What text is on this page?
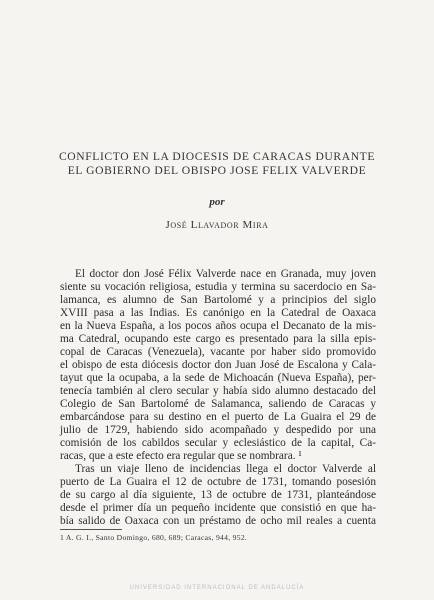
CONFLICTO EN LA DIOCESIS DE CARACAS DURANTE
EL GOBIERNO DEL OBISPO JOSE FELIX VALVERDE
por
José Llavador Mira
El doctor don José Félix Valverde nace en Granada, muy joven
siente su vocación religiosa, estudia y termina su sacerdocio en Sa-
lamanca, es alumno de San Bartolomé y a principios del siglo
XVIII pasa a las Indias. Es canónigo en la Catedral de Oaxaca
en la Nueva España, a los pocos años ocupa el Decanato de la mis-
ma Catedral, ocupando este cargo es presentado para la silla epis-
copal de Caracas (Venezuela), vacante por haber sido promovido
el obispo de esta diócesis doctor don Juan José de Escalona y Cala-
tayut que la ocupaba, a la sede de Michoacán (Nueva España), per-
tenecía también al clero secular y había sido alumno destacado del
Colegio de San Bartolomé de Salamanca, saliendo de Caracas y
embarcándose para su destino en el puerto de La Guaira el 29 de
julio de 1729, habiendo sido acompañado y despedido por una
comisión de los cabildos secular y eclesiástico de la capital, Ca-
racas, que a este efecto era regular que se nombrara. ¹
Tras un viaje lleno de incidencias llega el doctor Valverde al
puerto de La Guaira el 12 de octubre de 1731, tomando posesión
de su cargo al día siguiente, 13 de octubre de 1731, planteándose
desde el primer día un pequeño incidente que consistió en que ha-
bía salido de Oaxaca con un préstamo de ocho mil reales a cuenta
1 A. G. I., Santo Domingo, 680, 689; Caracas, 944, 952.
UNIVERSIDAD INTERNACIONAL DE ANDALUCÍA
